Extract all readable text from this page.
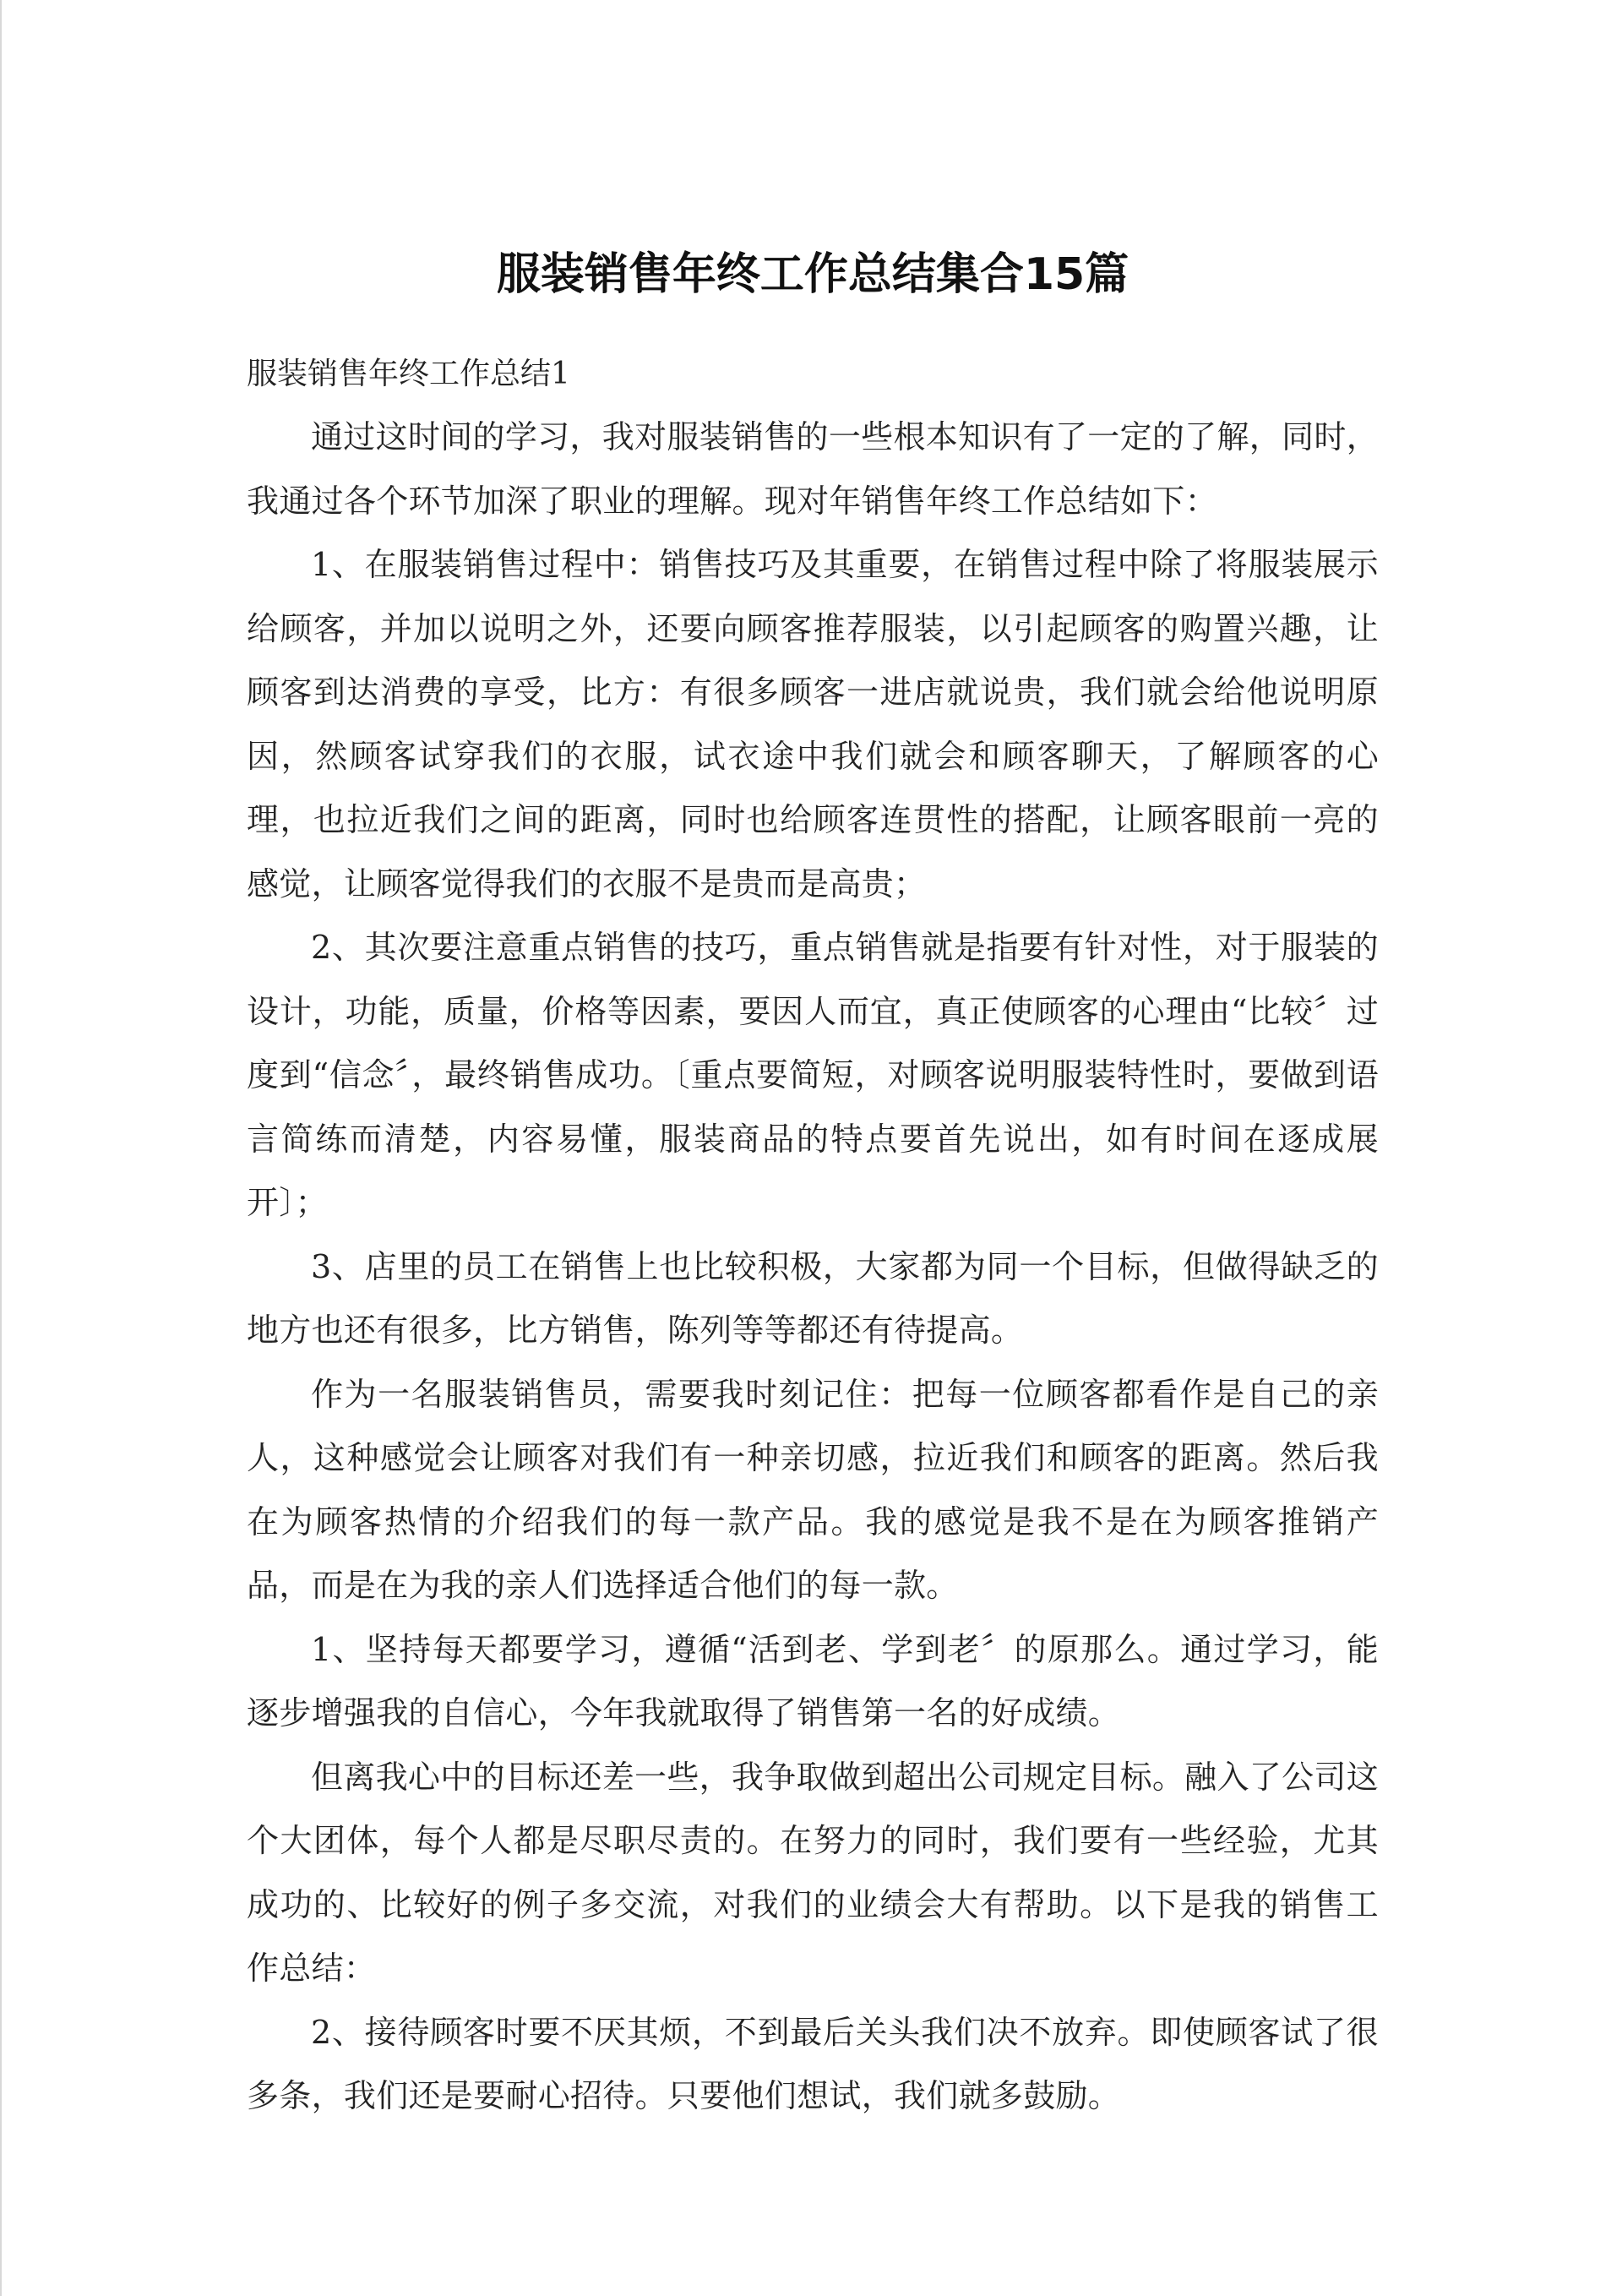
服装销售年终工作总结集合15篇

服装销售年终工作总结1

通过这时间的学习，我对服装销售的一些根本知识有了一定的了解，同时，我通过各个环节加深了职业的理解。现对年销售年终工作总结如下：

1、在服装销售过程中：销售技巧及其重要，在销售过程中除了将服装展示给顾客，并加以说明之外，还要向顾客推荐服装，以引起顾客的购置兴趣，让顾客到达消费的享受，比方：有很多顾客一进店就说贵，我们就会给他说明原因，然顾客试穿我们的衣服，试衣途中我们就会和顾客聊天，了解顾客的心理，也拉近我们之间的距离，同时也给顾客连贯性的搭配，让顾客眼前一亮的感觉，让顾客觉得我们的衣服不是贵而是高贵；

2、其次要注意重点销售的技巧，重点销售就是指要有针对性，对于服装的设计，功能，质量，价格等因素，要因人而宜，真正使顾客的心理由“比较〞过度到“信念〞，最终销售成功。〔重点要简短，对顾客说明服装特性时，要做到语言简练而清楚，内容易懂，服装商品的特点要首先说出，如有时间在逐成展开〕；

3、店里的员工在销售上也比较积极，大家都为同一个目标，但做得缺乏的地方也还有很多，比方销售，陈列等等都还有待提高。

作为一名服装销售员，需要我时刻记住：把每一位顾客都看作是自己的亲人，这种感觉会让顾客对我们有一种亲切感，拉近我们和顾客的距离。然后我在为顾客热情的介绍我们的每一款产品。我的感觉是我不是在为顾客推销产品，而是在为我的亲人们选择适合他们的每一款。

1、坚持每天都要学习，遵循“活到老、学到老〞的原那么。通过学习，能逐步增强我的自信心，今年我就取得了销售第一名的好成绩。

但离我心中的目标还差一些，我争取做到超出公司规定目标。融入了公司这个大团体，每个人都是尽职尽责的。在努力的同时，我们要有一些经验，尤其成功的、比较好的例子多交流，对我们的业绩会大有帮助。以下是我的销售工作总结：

2、接待顾客时要不厌其烦，不到最后关头我们决不放弃。即使顾客试了很多条，我们还是要耐心招待。只要他们想试，我们就多鼓励。
